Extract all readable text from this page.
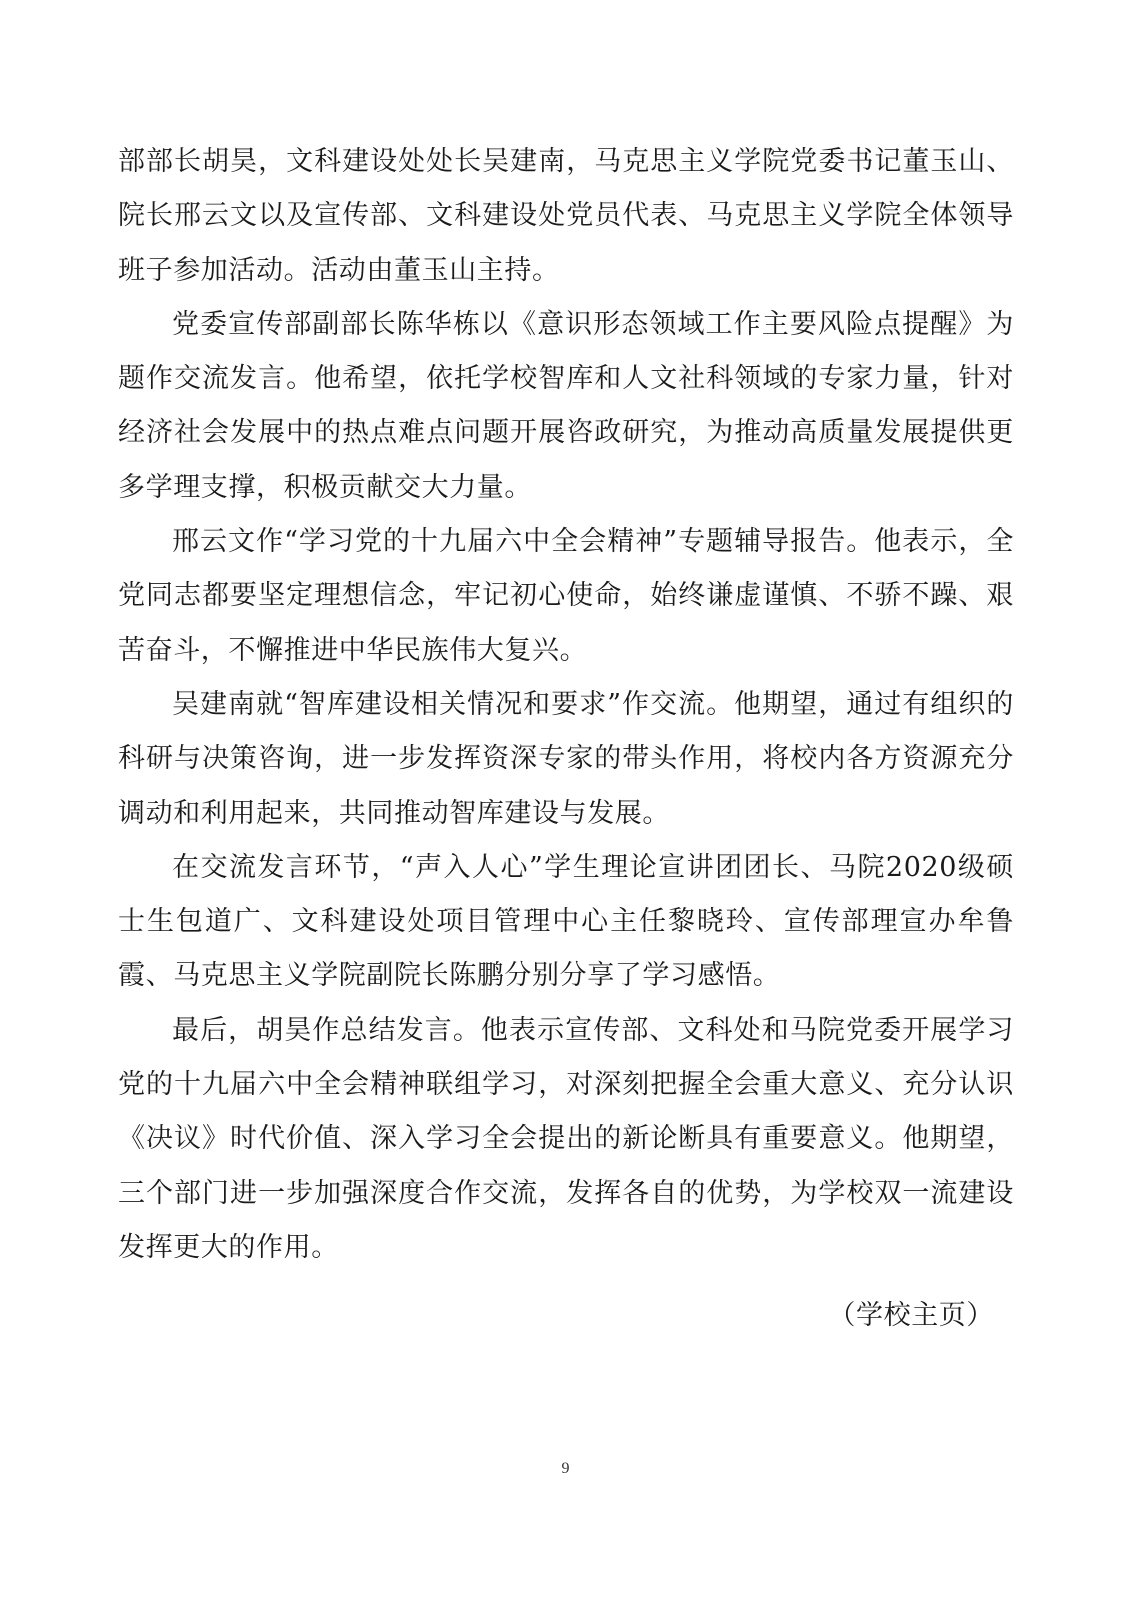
部部长胡昊，文科建设处处长吴建南，马克思主义学院党委书记董玉山、院长邢云文以及宣传部、文科建设处党员代表、马克思主义学院全体领导班子参加活动。活动由董玉山主持。

党委宣传部副部长陈华栋以《意识形态领域工作主要风险点提醒》为题作交流发言。他希望，依托学校智库和人文社科领域的专家力量，针对经济社会发展中的热点难点问题开展咨政研究，为推动高质量发展提供更多学理支撑，积极贡献交大力量。

邢云文作“学习党的十九届六中全会精神”专题辅导报告。他表示，全党同志都要坚定理想信念，牢记初心使命，始终谦虚谨慎、不骄不躁、艰苦奋斗，不懈推进中华民族伟大复兴。

吴建南就“智库建设相关情况和要求”作交流。他期望，通过有组织的科研与决策咨询，进一步发挥资深专家的带头作用，将校内各方资源充分调动和利用起来，共同推动智库建设与发展。

在交流发言环节，“声入人心”学生理论宣讲团团长、马院2020级硕士生包道广、文科建设处项目管理中心主任黎晓玲、宣传部理宣办牟鲁霞、马克思主义学院副院长陈鹏分别分享了学习感悟。

最后，胡昊作总结发言。他表示宣传部、文科处和马院党委开展学习党的十九届六中全会精神联组学习，对深刻把握全会重大意义、充分认识《决议》时代价值、深入学习全会提出的新论断具有重要意义。他期望，三个部门进一步加强深度合作交流，发挥各自的优势，为学校双一流建设发挥更大的作用。

（学校主页）
9
